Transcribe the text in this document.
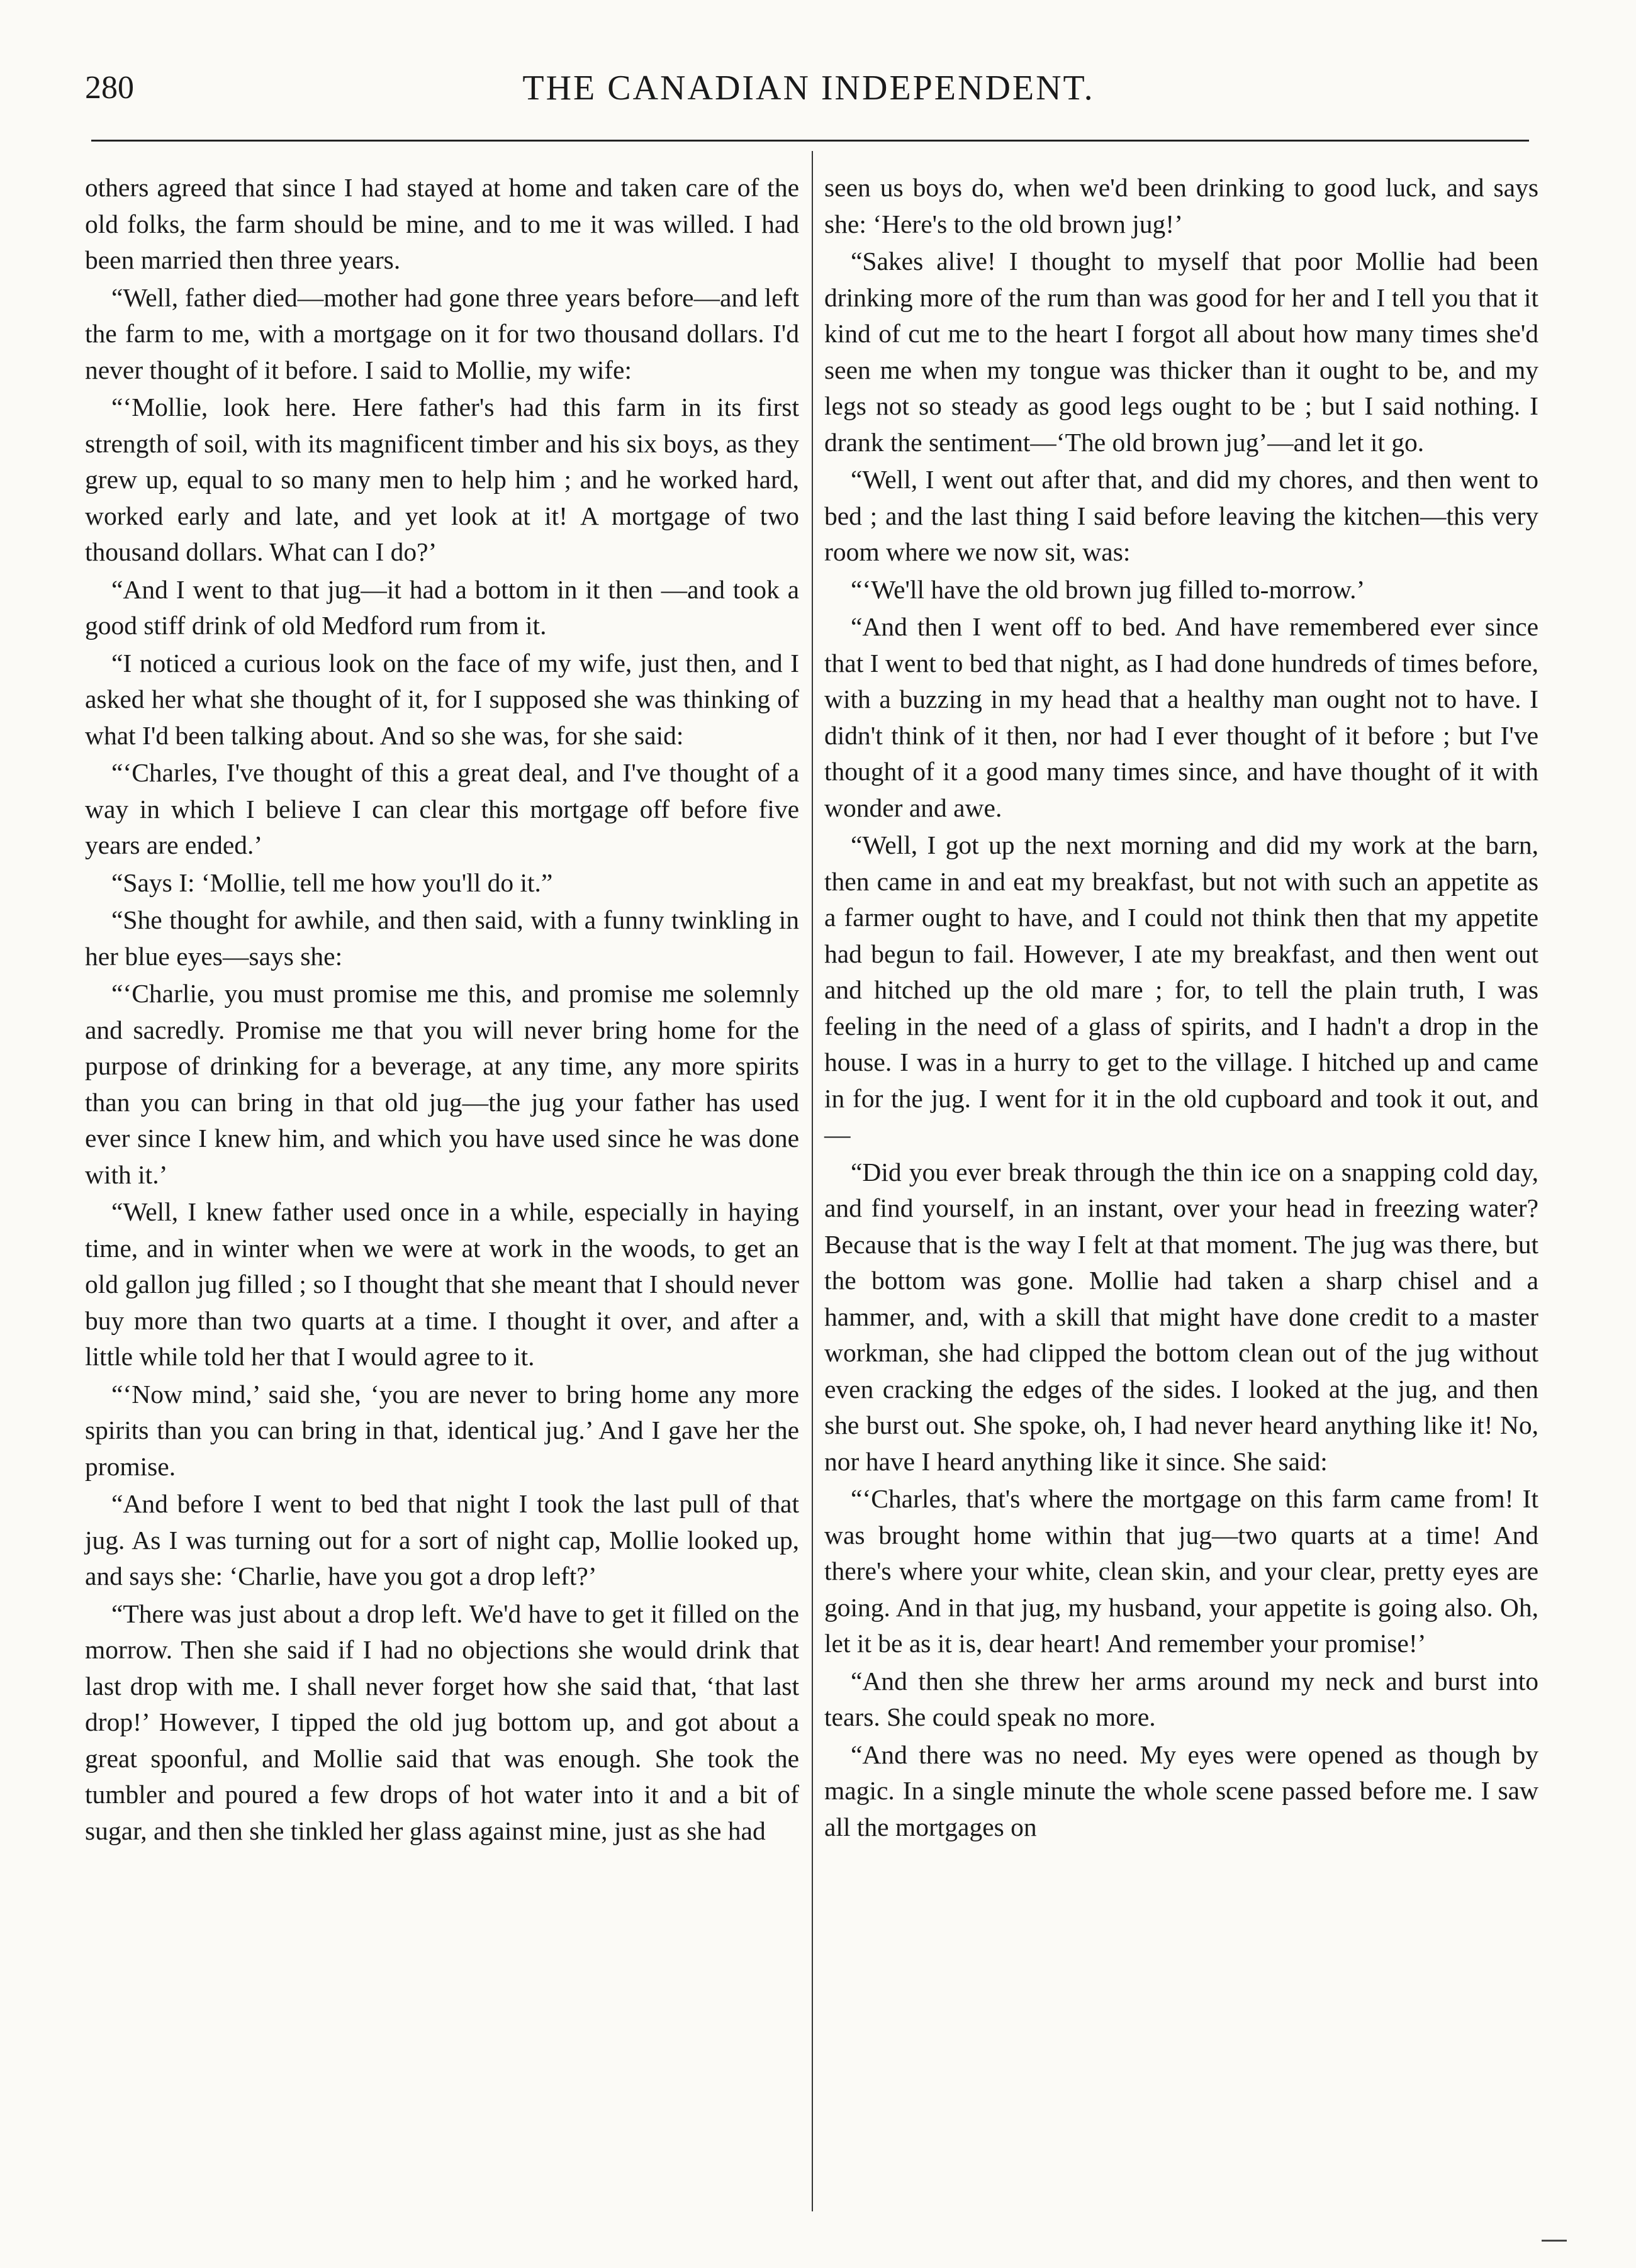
280	THE CANADIAN INDEPENDENT.

others agreed that since I had stayed at home and taken care of the old folks, the farm should be mine, and to me it was willed. I had been married then three years.

“Well, father died—mother had gone three years before—and left the farm to me, with a mortgage on it for two thousand dollars. I'd never thought of it before. I said to Mollie, my wife:

“‘Mollie, look here. Here father's had this farm in its first strength of soil, with its magnificent timber and his six boys, as they grew up, equal to so many men to help him ; and he worked hard, worked early and late, and yet look at it! A mortgage of two thousand dollars. What can I do?’

“And I went to that jug—it had a bottom in it then —and took a good stiff drink of old Medford rum from it.

“I noticed a curious look on the face of my wife, just then, and I asked her what she thought of it, for I supposed she was thinking of what I'd been talking about. And so she was, for she said:

“‘Charles, I've thought of this a great deal, and I've thought of a way in which I believe I can clear this mortgage off before five years are ended.’

“Says I: ‘Mollie, tell me how you'll do it.”

“She thought for awhile, and then said, with a funny twinkling in her blue eyes—says she:

“‘Charlie, you must promise me this, and promise me solemnly and sacredly. Promise me that you will never bring home for the purpose of drinking for a beverage, at any time, any more spirits than you can bring in that old jug—the jug your father has used ever since I knew him, and which you have used since he was done with it.’

“Well, I knew father used once in a while, especially in haying time, and in winter when we were at work in the woods, to get an old gallon jug filled ; so I thought that she meant that I should never buy more than two quarts at a time. I thought it over, and after a little while told her that I would agree to it.

“‘Now mind,’ said she, ‘you are never to bring home any more spirits than you can bring in that, identical jug.’ And I gave her the promise.

“And before I went to bed that night I took the last pull of that jug. As I was turning out for a sort of night cap, Mollie looked up, and says she: ‘Charlie, have you got a drop left?’

“There was just about a drop left. We'd have to get it filled on the morrow. Then she said if I had no objections she would drink that last drop with me. I shall never forget how she said that, ‘that last drop!’ However, I tipped the old jug bottom up, and got about a great spoonful, and Mollie said that was enough. She took the tumbler and poured a few drops of hot water into it and a bit of sugar, and then she tinkled her glass against mine, just as she had

seen us boys do, when we'd been drinking to good luck, and says she: ‘Here's to the old brown jug!’

“Sakes alive! I thought to myself that poor Mollie had been drinking more of the rum than was good for her and I tell you that it kind of cut me to the heart I forgot all about how many times she'd seen me when my tongue was thicker than it ought to be, and my legs not so steady as good legs ought to be ; but I said nothing. I drank the sentiment—‘The old brown jug’—and let it go.

“Well, I went out after that, and did my chores, and then went to bed ; and the last thing I said before leaving the kitchen—this very room where we now sit, was:

“‘We'll have the old brown jug filled to-morrow.’

“And then I went off to bed. And have remembered ever since that I went to bed that night, as I had done hundreds of times before, with a buzzing in my head that a healthy man ought not to have. I didn't think of it then, nor had I ever thought of it before ; but I've thought of it a good many times since, and have thought of it with wonder and awe.

“Well, I got up the next morning and did my work at the barn, then came in and eat my breakfast, but not with such an appetite as a farmer ought to have, and I could not think then that my appetite had begun to fail. However, I ate my breakfast, and then went out and hitched up the old mare ; for, to tell the plain truth, I was feeling in the need of a glass of spirits, and I hadn't a drop in the house. I was in a hurry to get to the village. I hitched up and came in for the jug. I went for it in the old cupboard and took it out, and—

“Did you ever break through the thin ice on a snapping cold day, and find yourself, in an instant, over your head in freezing water? Because that is the way I felt at that moment. The jug was there, but the bottom was gone. Mollie had taken a sharp chisel and a hammer, and, with a skill that might have done credit to a master workman, she had clipped the bottom clean out of the jug without even cracking the edges of the sides. I looked at the jug, and then she burst out. She spoke, oh, I had never heard anything like it! No, nor have I heard anything like it since. She said:

“‘Charles, that's where the mortgage on this farm came from! It was brought home within that jug—two quarts at a time! And there's where your white, clean skin, and your clear, pretty eyes are going. And in that jug, my husband, your appetite is going also. Oh, let it be as it is, dear heart! And remember your promise!’

“And then she threw her arms around my neck and burst into tears. She could speak no more.

“And there was no need. My eyes were opened as though by magic. In a single minute the whole scene passed before me. I saw all the mortgages on
